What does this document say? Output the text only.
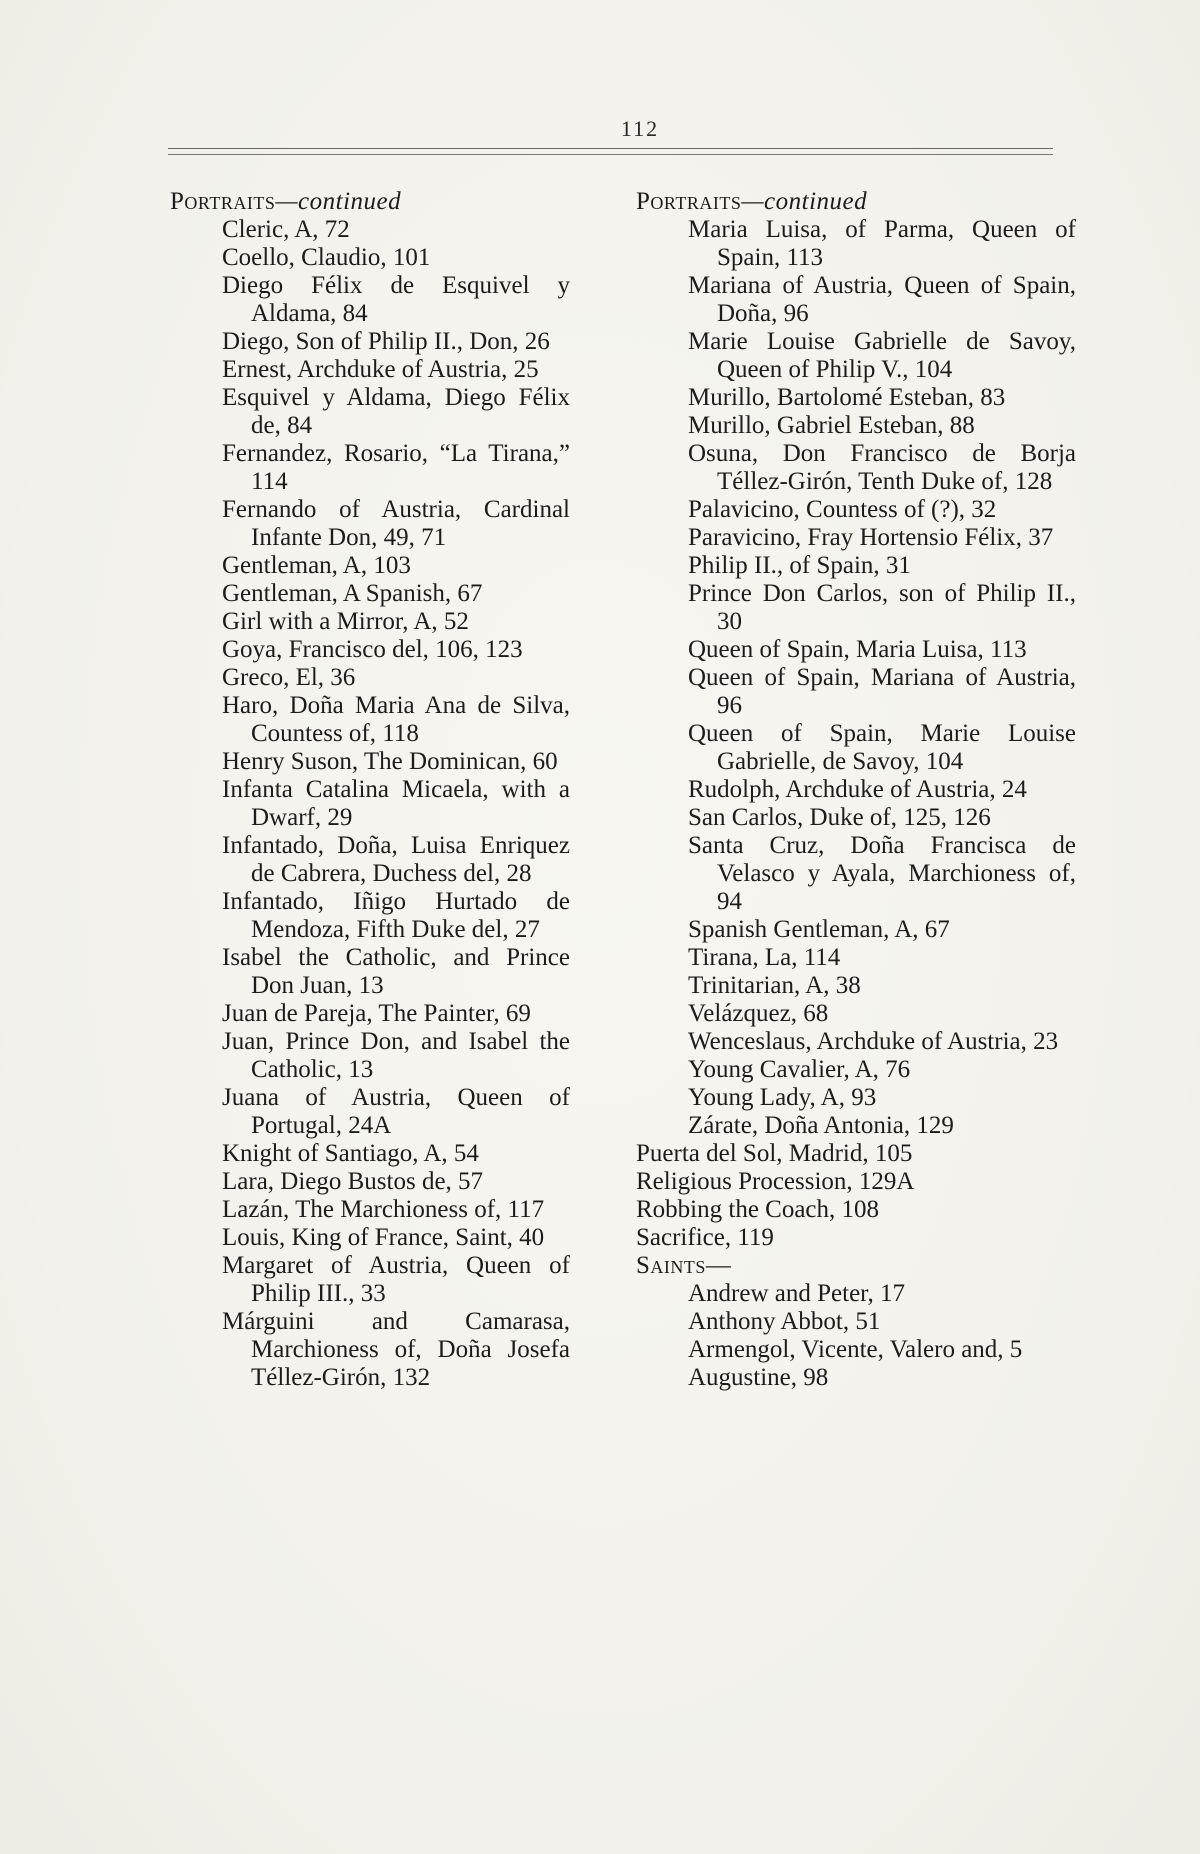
112
Portraits—continued
Cleric, A, 72
Coello, Claudio, 101
Diego Félix de Esquivel y Aldama, 84
Diego, Son of Philip II., Don, 26
Ernest, Archduke of Austria, 25
Esquivel y Aldama, Diego Félix de, 84
Fernandez, Rosario, “La Tirana,” 114
Fernando of Austria, Cardinal Infante Don, 49, 71
Gentleman, A, 103
Gentleman, A Spanish, 67
Girl with a Mirror, A, 52
Goya, Francisco del, 106, 123
Greco, El, 36
Haro, Doña Maria Ana de Silva, Countess of, 118
Henry Suson, The Dominican, 60
Infanta Catalina Micaela, with a Dwarf, 29
Infantado, Doña, Luisa Enriquez de Cabrera, Duchess del, 28
Infantado, Iñigo Hurtado de Mendoza, Fifth Duke del, 27
Isabel the Catholic, and Prince Don Juan, 13
Juan de Pareja, The Painter, 69
Juan, Prince Don, and Isabel the Catholic, 13
Juana of Austria, Queen of Portugal, 24A
Knight of Santiago, A, 54
Lara, Diego Bustos de, 57
Lazán, The Marchioness of, 117
Louis, King of France, Saint, 40
Margaret of Austria, Queen of Philip III., 33
Márguini and Camarasa, Marchioness of, Doña Josefa Téllez-Girón, 132
Portraits—continued
Maria Luisa, of Parma, Queen of Spain, 113
Mariana of Austria, Queen of Spain, Doña, 96
Marie Louise Gabrielle de Savoy, Queen of Philip V., 104
Murillo, Bartolomé Esteban, 83
Murillo, Gabriel Esteban, 88
Osuna, Don Francisco de Borja Téllez-Girón, Tenth Duke of, 128
Palavicino, Countess of (?), 32
Paravicino, Fray Hortensio Félix, 37
Philip II., of Spain, 31
Prince Don Carlos, son of Philip II., 30
Queen of Spain, Maria Luisa, 113
Queen of Spain, Mariana of Austria, 96
Queen of Spain, Marie Louise Gabrielle, de Savoy, 104
Rudolph, Archduke of Austria, 24
San Carlos, Duke of, 125, 126
Santa Cruz, Doña Francisca de Velasco y Ayala, Marchioness of, 94
Spanish Gentleman, A, 67
Tirana, La, 114
Trinitarian, A, 38
Velázquez, 68
Wenceslaus, Archduke of Austria, 23
Young Cavalier, A, 76
Young Lady, A, 93
Zárate, Doña Antonia, 129
Puerta del Sol, Madrid, 105
Religious Procession, 129A
Robbing the Coach, 108
Sacrifice, 119
Saints—
Andrew and Peter, 17
Anthony Abbot, 51
Armengol, Vicente, Valero and, 5
Augustine, 98
